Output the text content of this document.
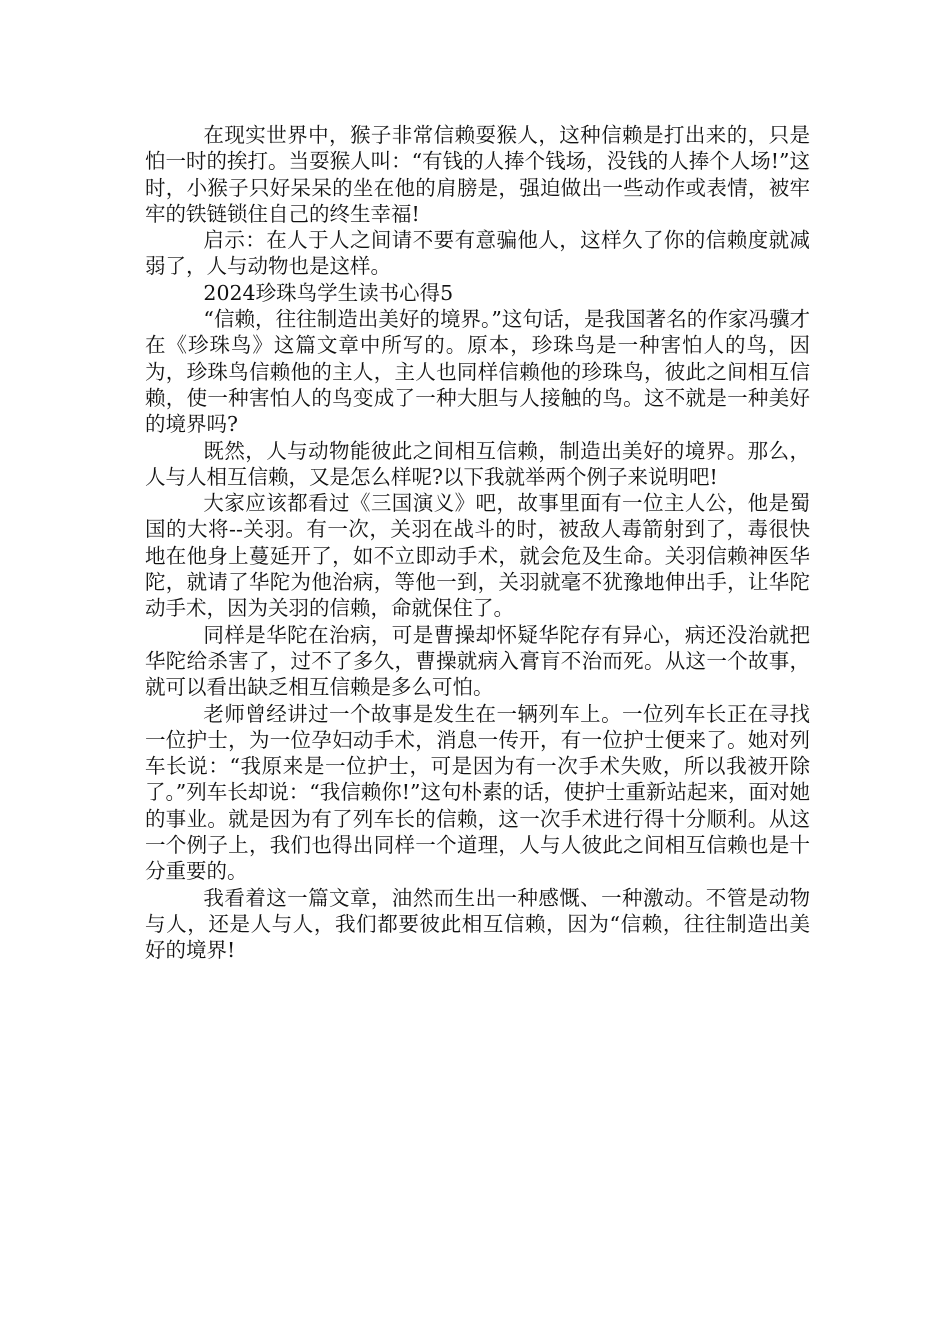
在现实世界中，猴子非常信赖耍猴人，这种信赖是打出来的，只是怕一时的挨打。当耍猴人叫：“有钱的人捧个钱场，没钱的人捧个人场!”这时，小猴子只好呆呆的坐在他的肩膀是，强迫做出一些动作或表情，被牢牢的铁链锁住自己的终生幸福!

启示：在人于人之间请不要有意骗他人，这样久了你的信赖度就减弱了，人与动物也是这样。

2024珍珠鸟学生读书心得5

“信赖，往往制造出美好的境界。”这句话，是我国著名的作家冯骥才在《珍珠鸟》这篇文章中所写的。原本，珍珠鸟是一种害怕人的鸟，因为，珍珠鸟信赖他的主人，主人也同样信赖他的珍珠鸟，彼此之间相互信赖，使一种害怕人的鸟变成了一种大胆与人接触的鸟。这不就是一种美好的境界吗?

既然，人与动物能彼此之间相互信赖，制造出美好的境界。那么，人与人相互信赖，又是怎么样呢?以下我就举两个例子来说明吧!

大家应该都看过《三国演义》吧，故事里面有一位主人公，他是蜀国的大将--关羽。有一次，关羽在战斗的时，被敌人毒箭射到了，毒很快地在他身上蔓延开了，如不立即动手术，就会危及生命。关羽信赖神医华陀，就请了华陀为他治病，等他一到，关羽就毫不犹豫地伸出手，让华陀动手术，因为关羽的信赖，命就保住了。

同样是华陀在治病，可是曹操却怀疑华陀存有异心，病还没治就把华陀给杀害了，过不了多久，曹操就病入膏肓不治而死。从这一个故事，就可以看出缺乏相互信赖是多么可怕。

老师曾经讲过一个故事是发生在一辆列车上。一位列车长正在寻找一位护士，为一位孕妇动手术，消息一传开，有一位护士便来了。她对列车长说：“我原来是一位护士，可是因为有一次手术失败，所以我被开除了。”列车长却说：“我信赖你!”这句朴素的话，使护士重新站起来，面对她的事业。就是因为有了列车长的信赖，这一次手术进行得十分顺利。从这一个例子上，我们也得出同样一个道理，人与人彼此之间相互信赖也是十分重要的。

我看着这一篇文章，油然而生出一种感慨、一种激动。不管是动物与人，还是人与人，我们都要彼此相互信赖，因为“信赖，往往制造出美好的境界!
